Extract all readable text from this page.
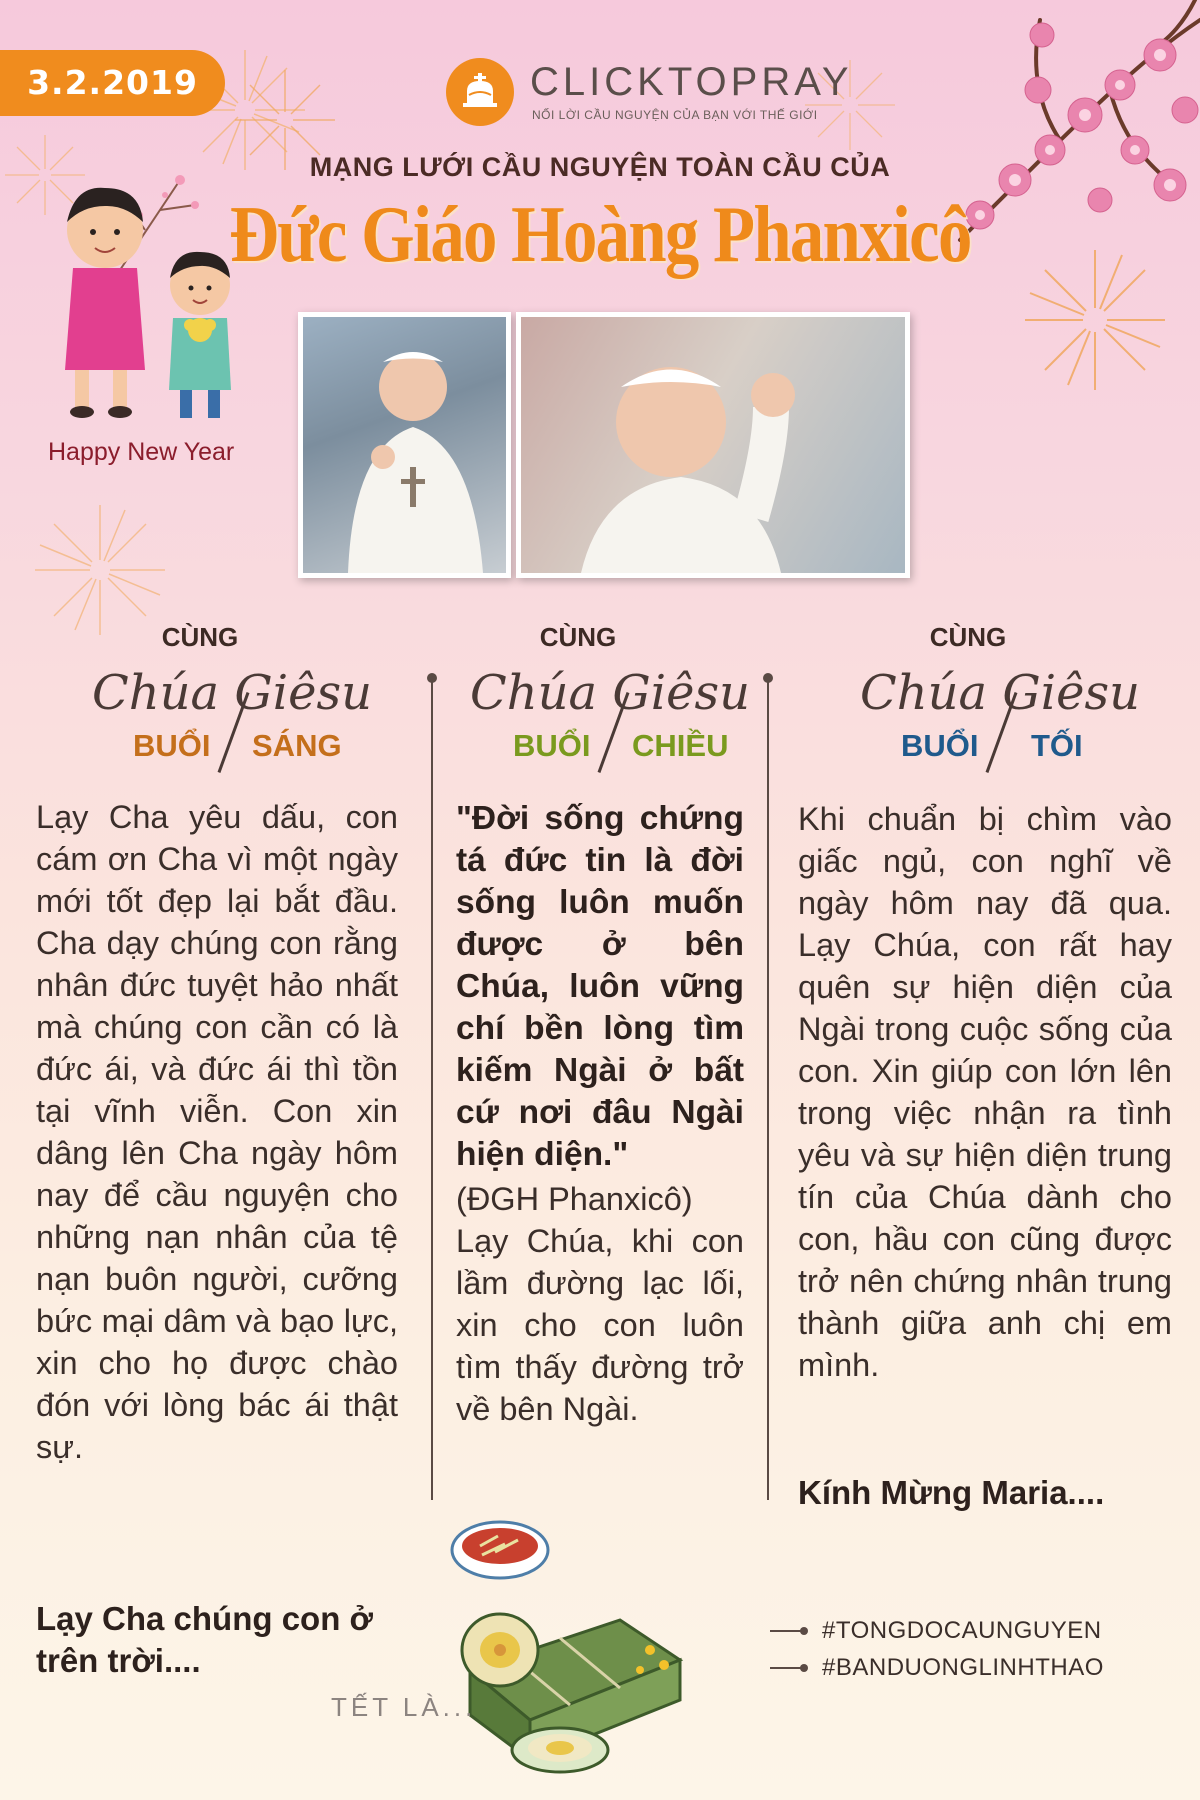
3.2.2019	CLICKTOPRAY
NỐI LỜI CẦU NGUYỆN CỦA BẠN VỚI THẾ GIỚI
MẠNG LƯỚI CẦU NGUYỆN TOÀN CẦU CỦA
Đức Giáo Hoàng Phanxicô
Happy New Year
CÙNG
Chúa Giêsu
BUỔI SÁNG
CÙNG
Chúa Giêsu
BUỔI CHIỀU
CÙNG
Chúa Giêsu
BUỔI TỐI
Lạy Cha yêu dấu, con cám ơn Cha vì một ngày mới tốt đẹp lại bắt đầu. Cha dạy chúng con rằng nhân đức tuyệt hảo nhất mà chúng con cần có là đức ái, và đức ái thì tồn tại vĩnh viễn. Con xin dâng lên Cha ngày hôm nay để cầu nguyện cho những nạn nhân của tệ nạn buôn người, cưỡng bức mại dâm và bạo lực, xin cho họ được chào đón với lòng bác ái thật sự.
Lạy Cha chúng con ở trên trời....
"Đời sống chứng tá đức tin là đời sống luôn muốn được ở bên Chúa, luôn vững chí bền lòng tìm kiếm Ngài ở bất cứ nơi đâu Ngài hiện diện."
(ĐGH Phanxicô)
Lạy Chúa, khi con lầm đường lạc lối, xin cho con luôn tìm thấy đường trở về bên Ngài.
Khi chuẩn bị chìm vào giấc ngủ, con nghĩ về ngày hôm nay đã qua. Lạy Chúa, con rất hay quên sự hiện diện của Ngài trong cuộc sống của con. Xin giúp con lớn lên trong việc nhận ra tình yêu và sự hiện diện trung tín của Chúa dành cho con, hầu con cũng được trở nên chứng nhân trung thành giữa anh chị em mình.
Kính Mừng Maria....
TẾT LÀ...
#TONGDOCAUNGUYEN
#BANDUONGLINHTHAO
